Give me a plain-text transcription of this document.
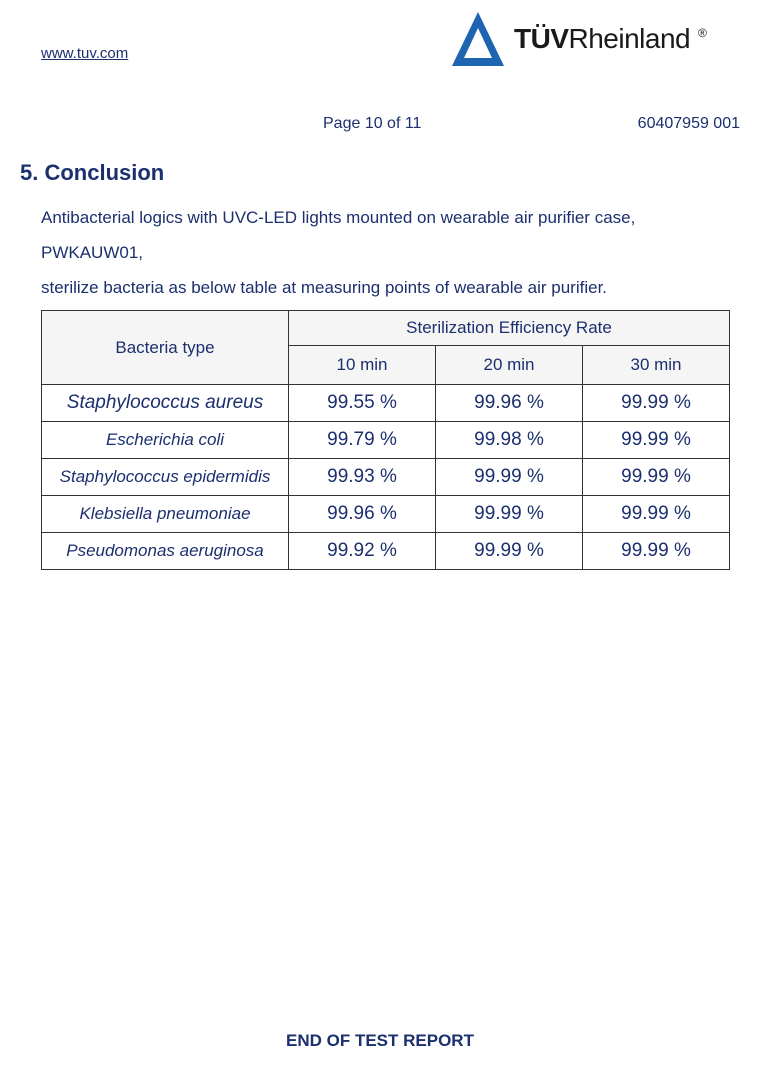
www.tuv.com	TÜVRheinland ®
Page 10 of 11	60407959 001
5. Conclusion
Antibacterial logics with UVC-LED lights mounted on wearable air purifier case, PWKAUW01,
sterilize bacteria as below table at measuring points of wearable air purifier.
Bacteria type	Sterilization Efficiency Rate		
	10 min	20 min	30 min
Staphylococcus aureus	99.55 %	99.96 %	99.99 %
Escherichia coli	99.79 %	99.98 %	99.99 %
Staphylococcus epidermidis	99.93 %	99.99 %	99.99 %
Klebsiella pneumoniae	99.96 %	99.99 %	99.99 %
Pseudomonas aeruginosa	99.92 %	99.99 %	99.99 %
END OF TEST REPORT
